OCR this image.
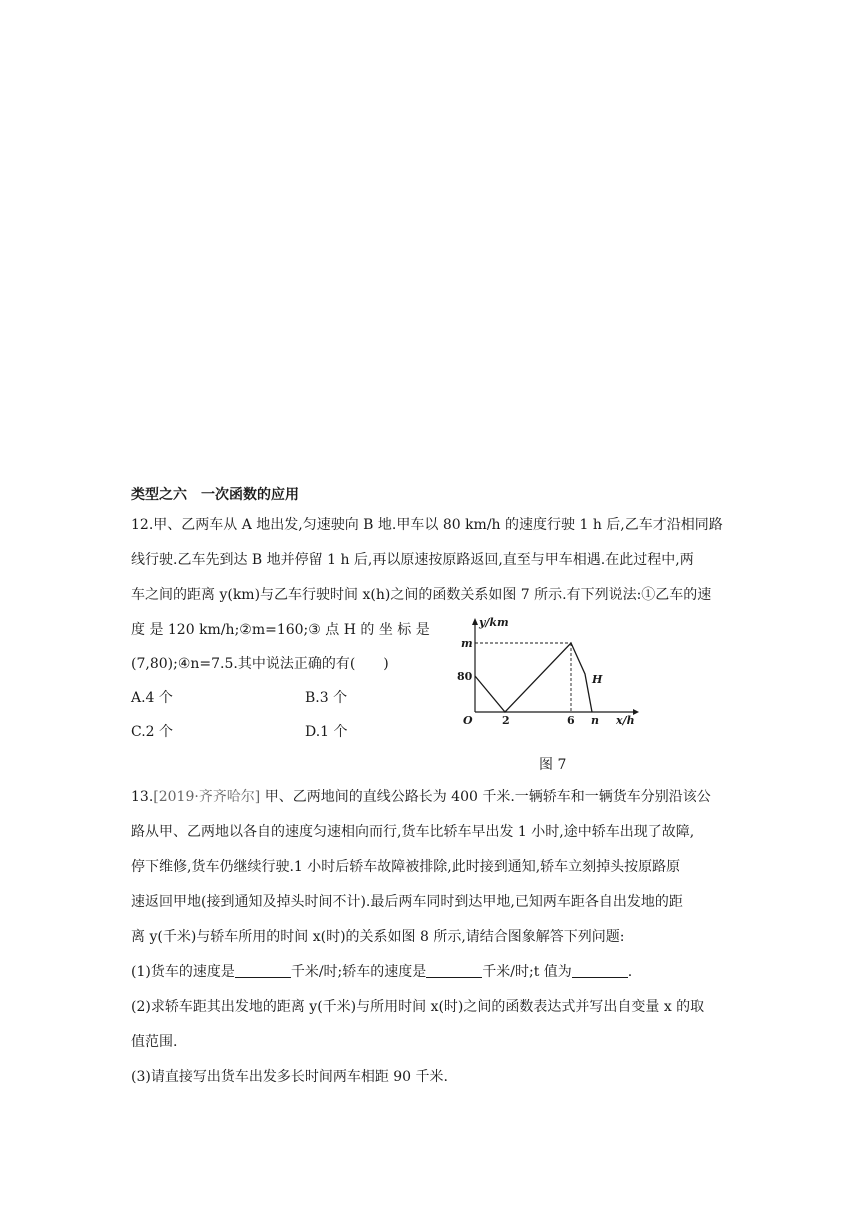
类型之六 一次函数的应用
12.甲、乙两车从 A 地出发,匀速驶向 B 地.甲车以 80 km/h 的速度行驶 1 h 后,乙车才沿相同路
线行驶.乙车先到达 B 地并停留 1 h 后,再以原速按原路返回,直至与甲车相遇.在此过程中,两
车之间的距离 y(km)与乙车行驶时间 x(h)之间的函数关系如图 7 所示.有下列说法:①乙车的速
度 是 120 km/h;②m=160;③ 点 H 的 坐 标 是
(7,80);④n=7.5.其中说法正确的有(　　)
A.4 个	B.3 个
C.2 个	D.1 个
y/km
m
80
O	2	6 n
H
x/h
图 7
13.[2019·齐齐哈尔] 甲、乙两地间的直线公路长为 400 千米.一辆轿车和一辆货车分别沿该公
路从甲、乙两地以各自的速度匀速相向而行,货车比轿车早出发 1 小时,途中轿车出现了故障,
停下维修,货车仍继续行驶.1 小时后轿车故障被排除,此时接到通知,轿车立刻掉头按原路原
速返回甲地(接到通知及掉头时间不计).最后两车同时到达甲地,已知两车距各自出发地的距
离 y(千米)与轿车所用的时间 x(时)的关系如图 8 所示,请结合图象解答下列问题:
(1)货车的速度是	千米/时;轿车的速度是	千米/时;t 值为	.
(2)求轿车距其出发地的距离 y(千米)与所用时间 x(时)之间的函数表达式并写出自变量 x 的取
值范围.
(3)请直接写出货车出发多长时间两车相距 90 千米.
